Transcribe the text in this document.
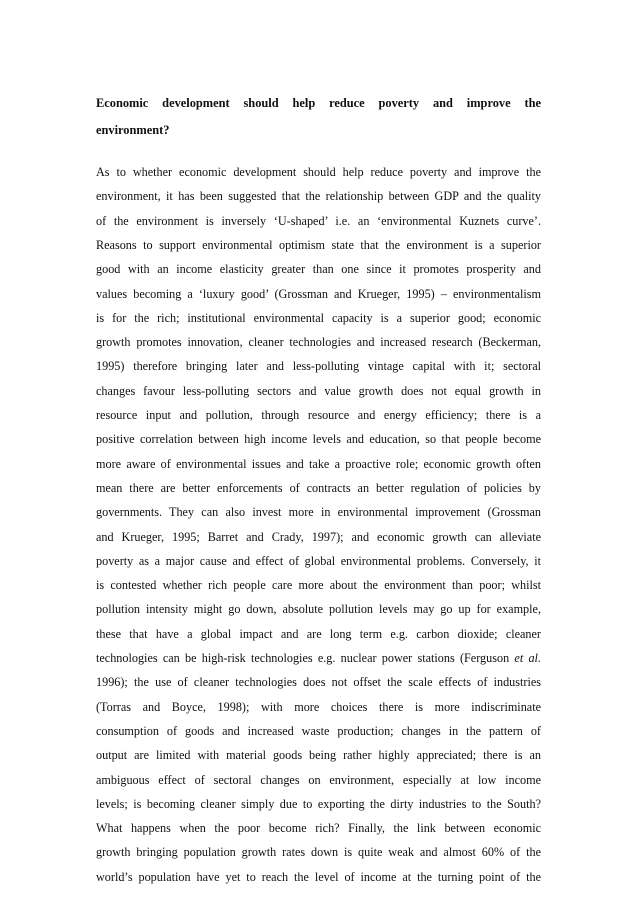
Economic development should help reduce poverty and improve the
environment?
As to whether economic development should help reduce poverty and improve the
environment, it has been suggested that the relationship between GDP and the quality
of the environment is inversely ‘U-shaped’ i.e. an ‘environmental Kuznets curve’.
Reasons to support environmental optimism state that the environment is a superior
good with an income elasticity greater than one since it promotes prosperity and
values becoming a ‘luxury good’ (Grossman and Krueger, 1995) – environmentalism
is for the rich; institutional environmental capacity is a superior good; economic
growth promotes innovation, cleaner technologies and increased research (Beckerman,
1995) therefore bringing later and less-polluting vintage capital with it; sectoral
changes favour less-polluting sectors and value growth does not equal growth in
resource input and pollution, through resource and energy efficiency; there is a
positive correlation between high income levels and education, so that people become
more aware of environmental issues and take a proactive role; economic growth often
mean there are better enforcements of contracts an better regulation of policies by
governments. They can also invest more in environmental improvement (Grossman
and Krueger, 1995; Barret and Crady, 1997); and economic growth can alleviate
poverty as a major cause and effect of global environmental problems. Conversely, it
is contested whether rich people care more about the environment than poor; whilst
pollution intensity might go down, absolute pollution levels may go up for example,
these that have a global impact and are long term e.g. carbon dioxide; cleaner
technologies can be high-risk technologies e.g. nuclear power stations (Ferguson et al.
1996); the use of cleaner technologies does not offset the scale effects of industries
(Torras and Boyce, 1998); with more choices there is more indiscriminate
consumption of goods and increased waste production; changes in the pattern of
output are limited with material goods being rather highly appreciated; there is an
ambiguous effect of sectoral changes on environment, especially at low income
levels; is becoming cleaner simply due to exporting the dirty industries to the South?
What happens when the poor become rich? Finally, the link between economic
growth bringing population growth rates down is quite weak and almost 60% of the
world’s population have yet to reach the level of income at the turning point of the
